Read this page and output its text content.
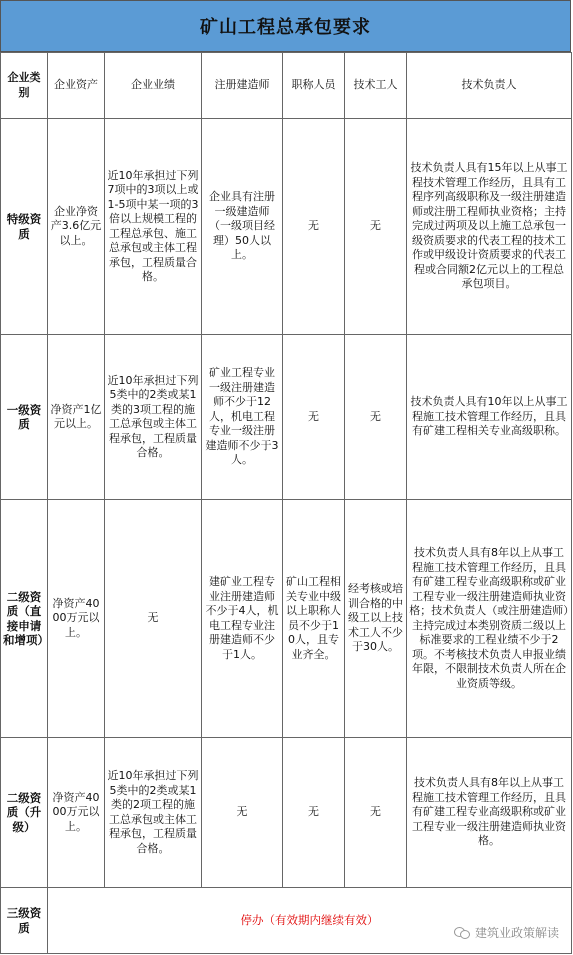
矿山工程总承包要求
企业类别	企业资产	企业业绩	注册建造师	职称人员	技术工人	技术负责人
特级资质	企业净资产3.6亿元以上。	近10年承担过下列7项中的3项以上或1-5项中某一项的3倍以上规模工程的工程总承包、施工总承包或主体工程承包，工程质量合格。	企业具有注册 一级建造师（一级项目经理）50人以上。	无	无	技术负责人具有15年以上从事工程技术管理工作经历，且具有工程序列高级职称及一级注册建造师或注册工程师执业资格；主持完成过两项及以上施工总承包一级资质要求的代表工程的技术工作或甲级设计资质要求的代表工程或合同额2亿元以上的工程总承包项目。
一级资质	净资产1亿元以上。	近10年承担过下列5类中的2类或某1类的3项工程的施工总承包或主体工程承包，工程质量合格。	矿业工程专业一级注册建造师不少于12人，机电工程专业一级注册建造师不少于3人。	无	无	技术负责人具有10年以上从事工程施工技术管理工作经历，且具有矿建工程相关专业高级职称。
二级资质（直接申请和增项）	净资产4000万元以上。	无	建矿业工程专业注册建造师不少于4人，机电工程专业注册建造师不少于1人。	矿山工程相关专业中级以上职称人员不少于10人，且专业齐全。	经考核或培训合格的中级工以上技术工人不少于30人。	技术负责人具有8年以上从事工程施工技术管理工作经历，且具有矿建工程专业高级职称或矿业工程专业一级注册建造师执业资格；技术负责人（或注册建造师）主持完成过本类别资质二级以上标准要求的工程业绩不少于2项。不考核技术负责人申报业绩年限，不限制技术负责人所在企业资质等级。
二级资质（升级）	净资产4000万元以上。	近10年承担过下列5类中的2类或某1类的2项工程的施工总承包或主体工程承包，工程质量合格。	无	无	无	技术负责人具有8年以上从事工程施工技术管理工作经历，且具有矿建工程专业高级职称或矿业工程专业一级注册建造师执业资格。
三级资质	停办（有效期内继续有效）					
建筑业政策解读
